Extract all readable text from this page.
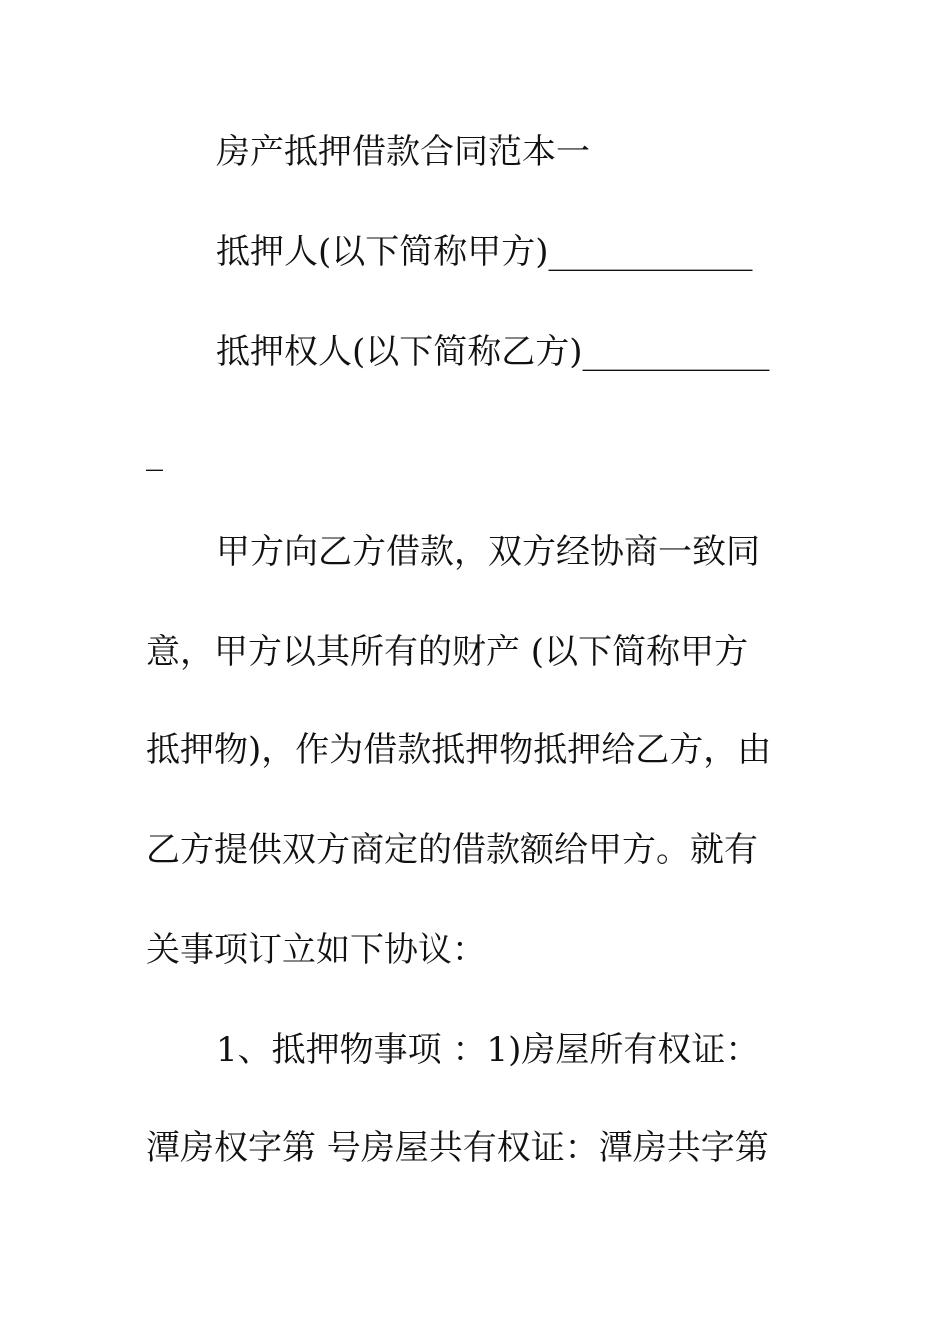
房产抵押借款合同范本一
抵押人(以下简称甲方)____________
抵押权人(以下简称乙方)___________
_
甲方向乙方借款，双方经协商一致同
意，甲方以其所有的财产 (以下简称甲方
抵押物)，作为借款抵押物抵押给乙方，由
乙方提供双方商定的借款额给甲方。就有
关事项订立如下协议：
1、抵押物事项 ：1)房屋所有权证：
潭房权字第 号房屋共有权证：潭房共字第
